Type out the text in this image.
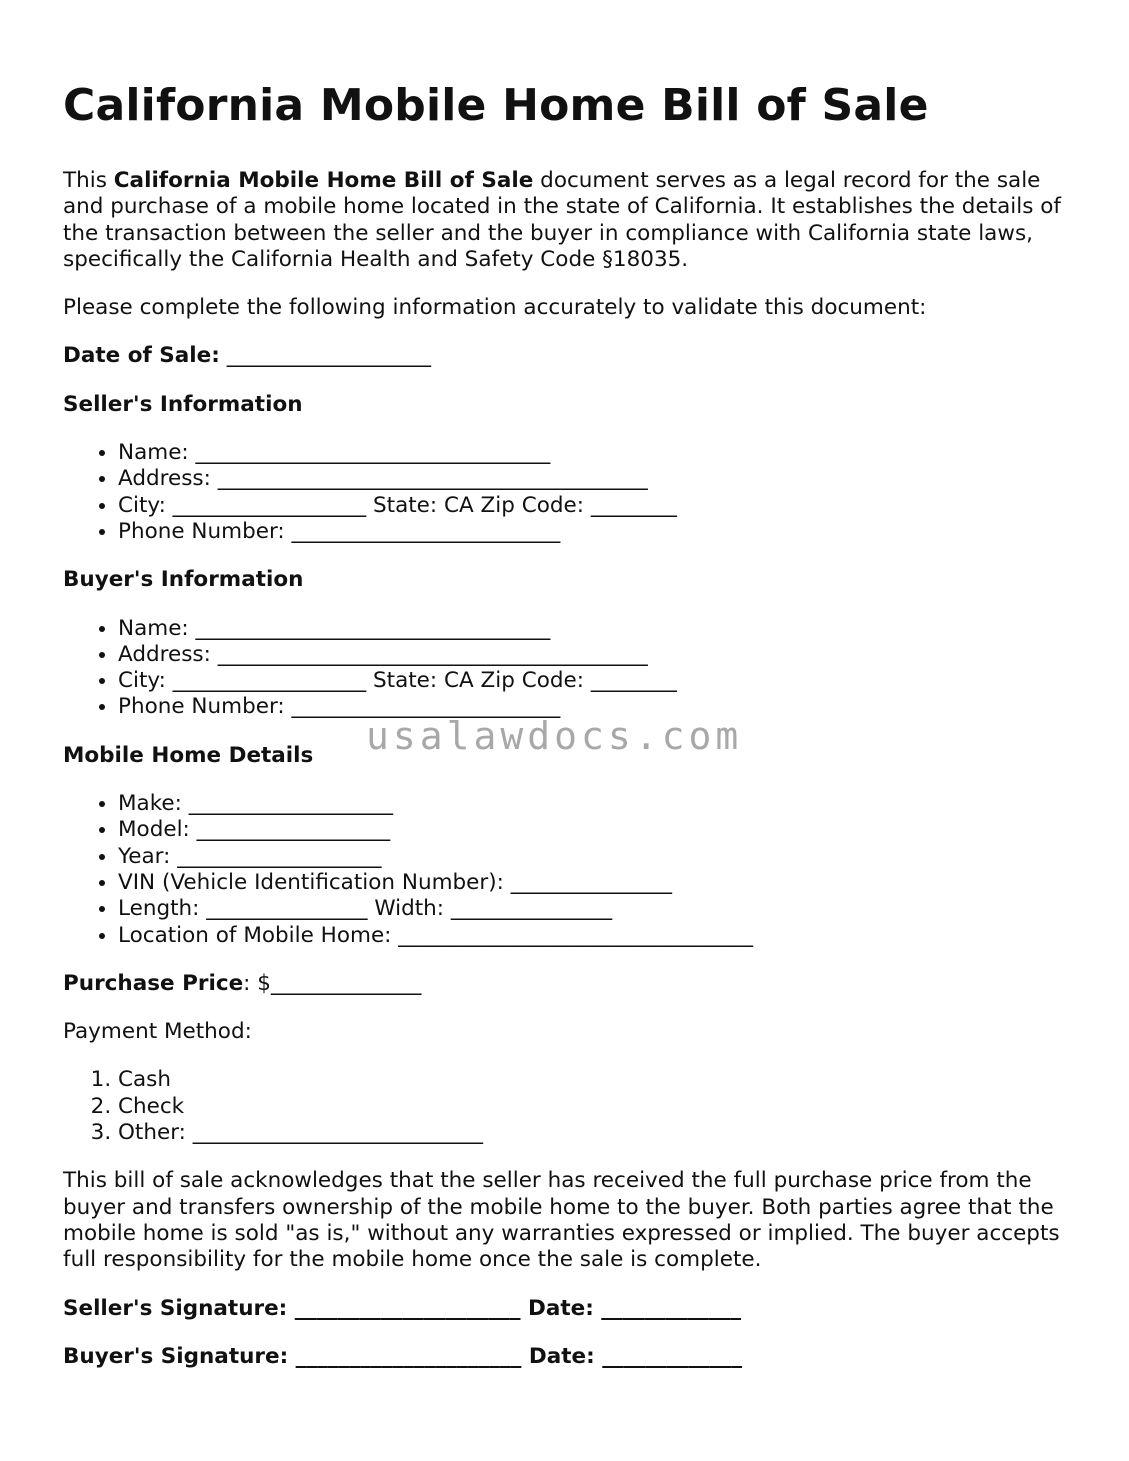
California Mobile Home Bill of Sale

This California Mobile Home Bill of Sale document serves as a legal record for the sale and purchase of a mobile home located in the state of California. It establishes the details of the transaction between the seller and the buyer in compliance with California state laws, specifically the California Health and Safety Code §18035.

Please complete the following information accurately to validate this document:

Date of Sale: ___________________
Seller's Information
• Name: _________________________________
• Address: ________________________________________
• City: __________________ State: CA Zip Code: ________
• Phone Number: _________________________
Buyer's Information
• Name: _________________________________
• Address: ________________________________________
• City: __________________ State: CA Zip Code: ________
• Phone Number: _________________________
Mobile Home Details
• Make: ___________________
• Model: __________________
• Year: ___________________
• VIN (Vehicle Identification Number): _______________
• Length: _______________ Width: _______________
• Location of Mobile Home: _________________________________
Purchase Price: $______________
Payment Method:
1. Cash
2. Check
3. Other: ___________________________

This bill of sale acknowledges that the seller has received the full purchase price from the buyer and transfers ownership of the mobile home to the buyer. Both parties agree that the mobile home is sold "as is," without any warranties expressed or implied. The buyer accepts full responsibility for the mobile home once the sale is complete.

Seller's Signature: _____________________ Date: _____________
Buyer's Signature: _____________________ Date: _____________
usalawdocs.com
